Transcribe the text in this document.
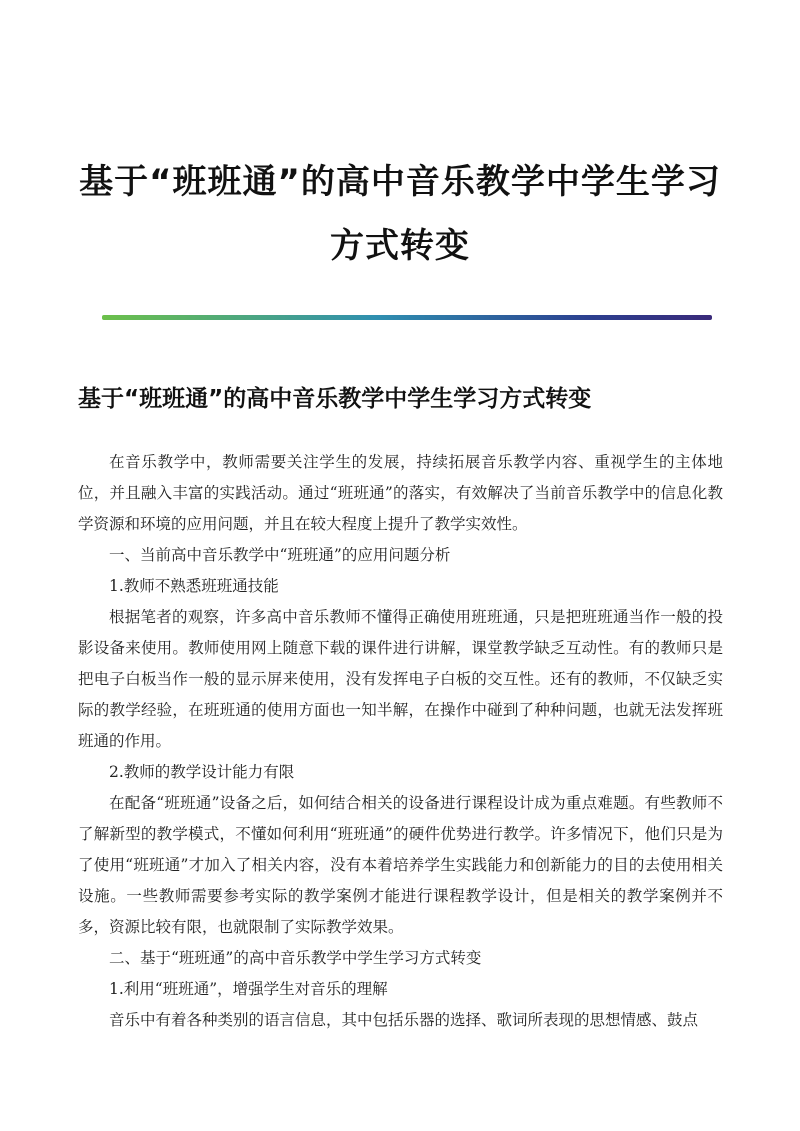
基于“班班通”的高中音乐教学中学生学习
方式转变
基于“班班通”的高中音乐教学中学生学习方式转变

在音乐教学中，教师需要关注学生的发展，持续拓展音乐教学内容、重视学生的主体地位，并且融入丰富的实践活动。通过“班班通”的落实，有效解决了当前音乐教学中的信息化教学资源和环境的应用问题，并且在较大程度上提升了教学实效性。

一、当前高中音乐教学中“班班通”的应用问题分析

1.教师不熟悉班班通技能

根据笔者的观察，许多高中音乐教师不懂得正确使用班班通，只是把班班通当作一般的投影设备来使用。教师使用网上随意下载的课件进行讲解，课堂教学缺乏互动性。有的教师只是把电子白板当作一般的显示屏来使用，没有发挥电子白板的交互性。还有的教师，不仅缺乏实际的教学经验，在班班通的使用方面也一知半解，在操作中碰到了种种问题，也就无法发挥班班通的作用。

2.教师的教学设计能力有限

在配备“班班通”设备之后，如何结合相关的设备进行课程设计成为重点难题。有些教师不了解新型的教学模式，不懂如何利用“班班通”的硬件优势进行教学。许多情况下，他们只是为了使用“班班通”才加入了相关内容，没有本着培养学生实践能力和创新能力的目的去使用相关设施。一些教师需要参考实际的教学案例才能进行课程教学设计，但是相关的教学案例并不多，资源比较有限，也就限制了实际教学效果。

二、基于“班班通”的高中音乐教学中学生学习方式转变

1.利用“班班通”，增强学生对音乐的理解

音乐中有着各种类别的语言信息，其中包括乐器的选择、歌词所表现的思想情感、鼓点
